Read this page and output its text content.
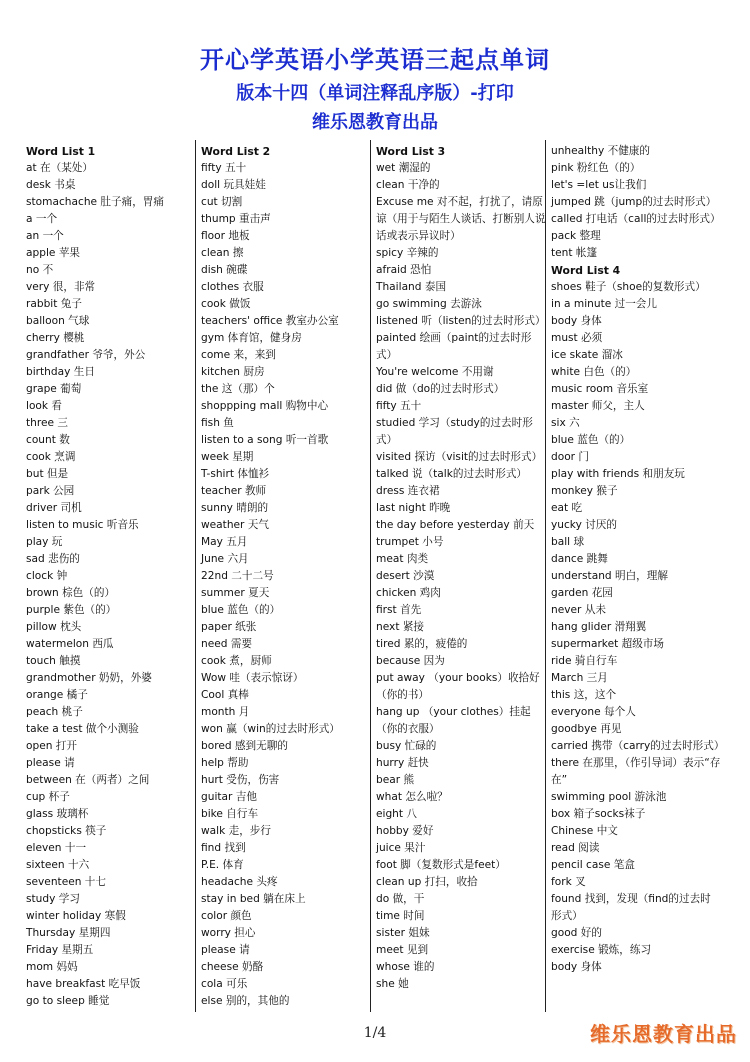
开心学英语小学英语三起点单词
版本十四（单词注释乱序版）-打印
维乐恩教育出品
Word List 1
at 在（某处）
desk 书桌
stomachache 肚子痛，胃痛
a 一个
an 一个
apple 苹果
no 不
very 很，非常
rabbit 兔子
balloon 气球
cherry 樱桃
grandfather 爷爷，外公
birthday 生日
grape 葡萄
look 看
three 三
count 数
cook 烹调
but 但是
park 公园
driver 司机
listen to music 听音乐
play 玩
sad 悲伤的
clock 钟
brown 棕色（的）
purple 紫色（的）
pillow 枕头
watermelon 西瓜
touch 触摸
grandmother 奶奶，外婆
orange 橘子
peach 桃子
take a test 做个小测验
open 打开
please 请
between 在（两者）之间
cup 杯子
glass 玻璃杯
chopsticks 筷子
eleven 十一
sixteen 十六
seventeen 十七
study 学习
winter holiday 寒假
Thursday 星期四
Friday 星期五
mom 妈妈
have breakfast 吃早饭
go to sleep 睡觉
Word List 2
fifty 五十
doll 玩具娃娃
cut 切割
thump 重击声
floor 地板
clean 擦
dish 碗碟
clothes 衣服
cook 做饭
teachers' office 教室办公室
gym 体育馆，健身房
come 来，来到
kitchen 厨房
the 这（那）个
shoppping mall 购物中心
fish 鱼
listen to a song 听一首歌
week 星期
T-shirt 体恤衫
teacher 教师
sunny 晴朗的
weather 天气
May 五月
June 六月
22nd 二十二号
summer 夏天
blue 蓝色（的）
paper 纸张
need 需要
cook 煮，厨师
Wow 哇（表示惊讶）
Cool 真棒
month 月
won 赢（win的过去时形式）
bored 感到无聊的
help 帮助
hurt 受伤，伤害
guitar 吉他
bike 自行车
walk 走，步行
find 找到
P.E. 体育
headache 头疼
stay in bed 躺在床上
color 颜色
worry 担心
please 请
cheese 奶酪
cola 可乐
else 别的，其他的
Word List 3
wet 潮湿的
clean 干净的
Excuse me 对不起，打扰了，请原谅（用于与陌生人谈话、打断别人说话或表示异议时）
spicy 辛辣的
afraid 恐怕
Thailand 泰国
go swimming 去游泳
listened 听（listen的过去时形式）
painted 绘画（paint的过去时形式）
You're welcome 不用谢
did 做（do的过去时形式）
fifty 五十
studied 学习（study的过去时形式）
visited 探访（visit的过去时形式）
talked 说（talk的过去时形式）
dress 连衣裙
last night 昨晚
the day before yesterday 前天
trumpet 小号
meat 肉类
desert 沙漠
chicken 鸡肉
first 首先
next 紧接
tired 累的，疲倦的
because 因为
put away （your books）收拾好（你的书）
hang up （your clothes）挂起（你的衣服）
busy 忙碌的
hurry 赶快
bear 熊
what 怎么啦？
eight 八
hobby 爱好
juice 果汁
foot 脚（复数形式是feet）
clean up 打扫，收拾
do 做，干
time 时间
sister 姐妹
meet 见到
whose 谁的
she 她
unhealthy 不健康的
pink 粉红色（的）
let's =let us让我们
jumped 跳（jump的过去时形式）
called 打电话（call的过去时形式）
pack 整理
tent 帐篷
Word List 4
shoes 鞋子（shoe的复数形式）
in a minute 过一会儿
body 身体
must 必须
ice skate 溜冰
white 白色（的）
music room 音乐室
master 师父，主人
six 六
blue 蓝色（的）
door 门
play with friends 和朋友玩
monkey 猴子
eat 吃
yucky 讨厌的
ball 球
dance 跳舞
understand 明白，理解
garden 花园
never 从未
hang glider 滑翔翼
supermarket 超级市场
ride 骑自行车
March 三月
this 这，这个
everyone 每个人
goodbye 再见
carried 携带（carry的过去时形式）
there 在那里，（作引导词）表示“存在”
swimming pool 游泳池
box 箱子socks袜子
Chinese 中文
read 阅读
pencil case 笔盒
fork 叉
found 找到，发现（find的过去时形式）
good 好的
exercise 锻炼，练习
body 身体
1/4	维乐恩教育出品
